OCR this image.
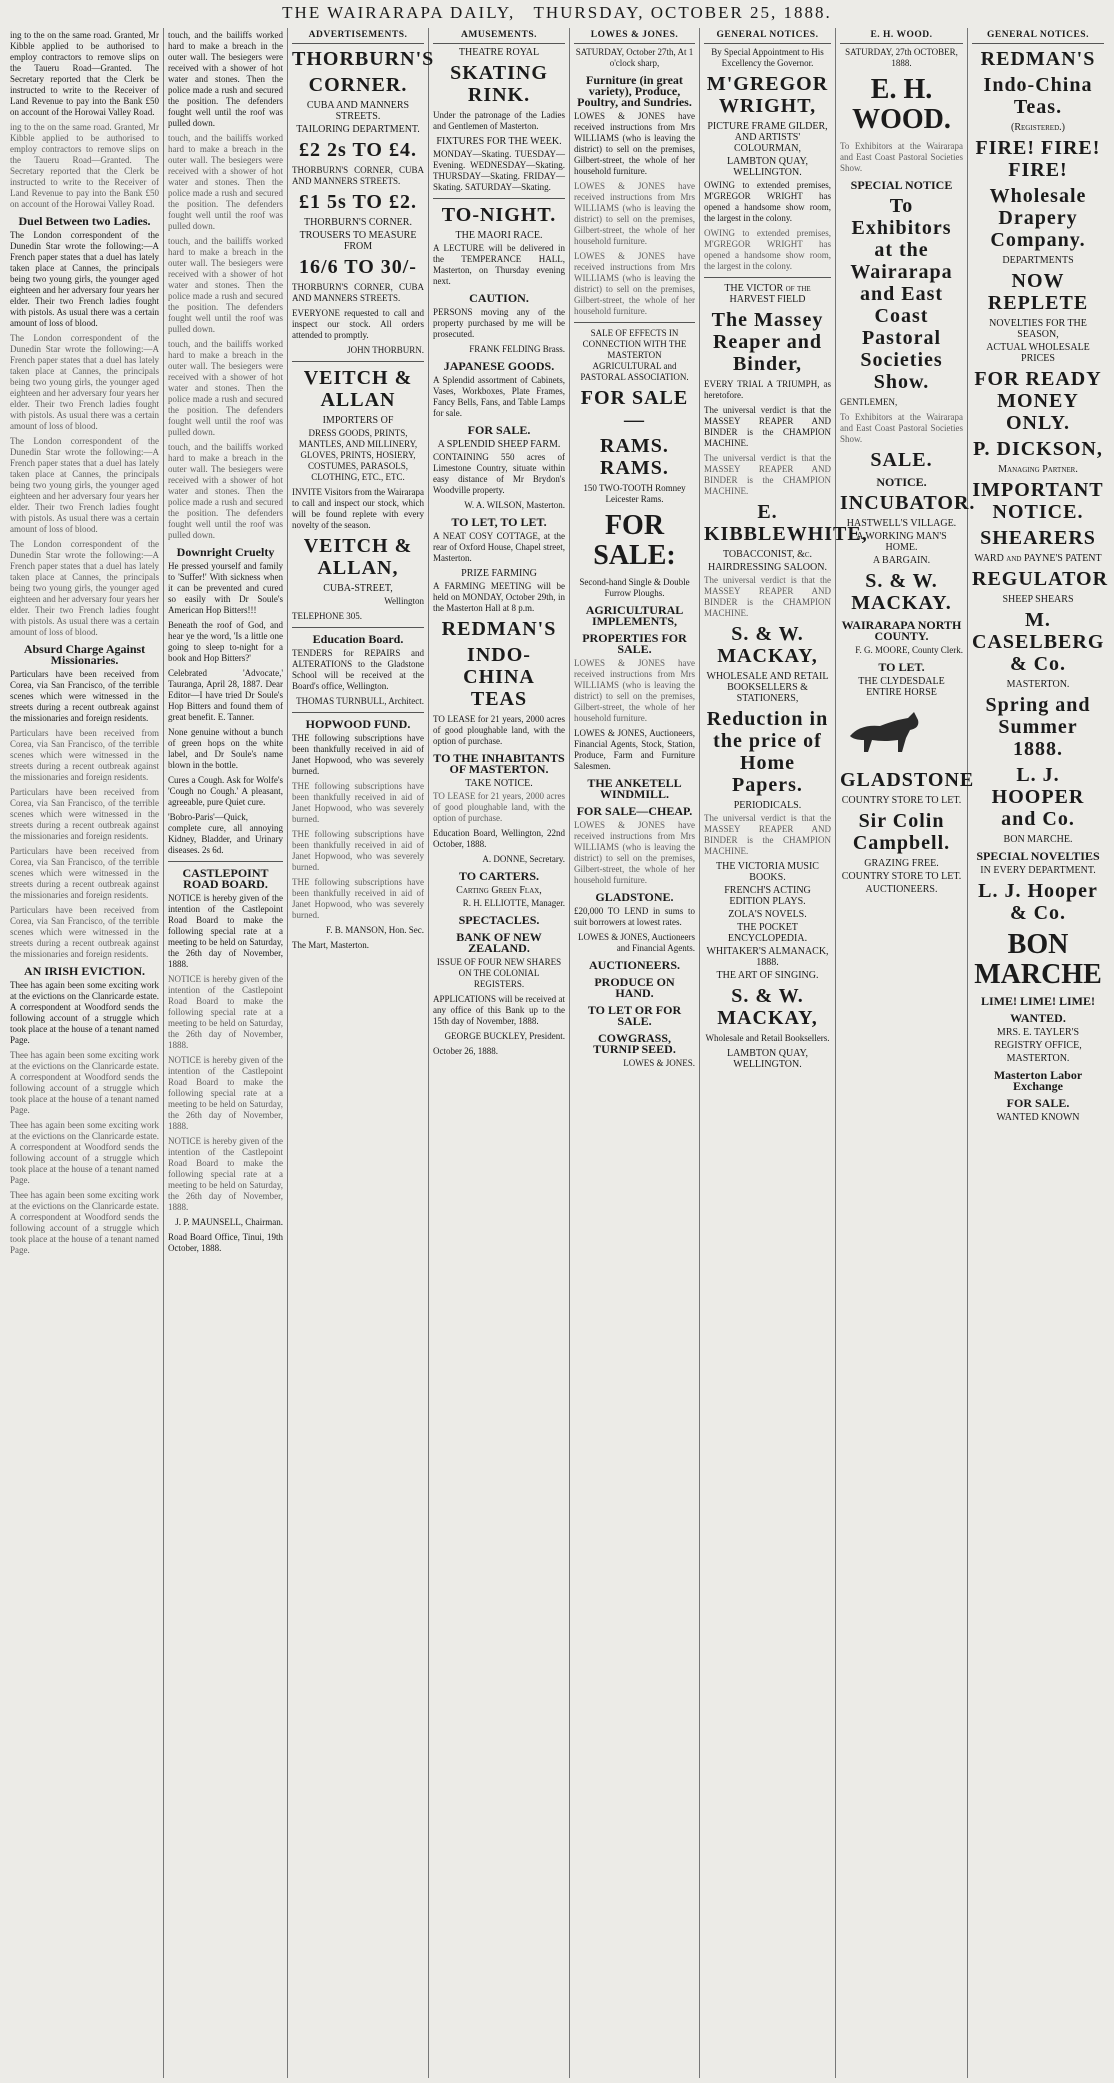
THE WAIRARAPA DAILY, THURSDAY, OCTOBER 25, 1888.

ing to the on the same road. Granted, Mr Kibble applied to be authorised to employ contractors to remove slips on the Taueru Road—Granted. The Secretary reported that the Clerk be instructed to write to the Receiver of Land Revenue to pay into the Bank £50 on account of the Horowai Valley Road.

ing to the on the same road. Granted, Mr Kibble applied to be authorised to employ contractors to remove slips on the Taueru Road—Granted. The Secretary reported that the Clerk be instructed to write to the Receiver of Land Revenue to pay into the Bank £50 on account of the Horowai Valley Road.

Duel Between two Ladies.

The London correspondent of the Dunedin Star wrote the following:—A French paper states that a duel has lately taken place at Cannes, the principals being two young girls, the younger aged eighteen and her adversary four years her elder. Their two French ladies fought with pistols. As usual there was a certain amount of loss of blood.

The London correspondent of the Dunedin Star wrote the following:—A French paper states that a duel has lately taken place at Cannes, the principals being two young girls, the younger aged eighteen and her adversary four years her elder. Their two French ladies fought with pistols. As usual there was a certain amount of loss of blood.

The London correspondent of the Dunedin Star wrote the following:—A French paper states that a duel has lately taken place at Cannes, the principals being two young girls, the younger aged eighteen and her adversary four years her elder. Their two French ladies fought with pistols. As usual there was a certain amount of loss of blood.

The London correspondent of the Dunedin Star wrote the following:—A French paper states that a duel has lately taken place at Cannes, the principals being two young girls, the younger aged eighteen and her adversary four years her elder. Their two French ladies fought with pistols. As usual there was a certain amount of loss of blood.

Absurd Charge Against Missionaries.

Particulars have been received from Corea, via San Francisco, of the terrible scenes which were witnessed in the streets during a recent outbreak against the missionaries and foreign residents.

Particulars have been received from Corea, via San Francisco, of the terrible scenes which were witnessed in the streets during a recent outbreak against the missionaries and foreign residents.

Particulars have been received from Corea, via San Francisco, of the terrible scenes which were witnessed in the streets during a recent outbreak against the missionaries and foreign residents.

Particulars have been received from Corea, via San Francisco, of the terrible scenes which were witnessed in the streets during a recent outbreak against the missionaries and foreign residents.

Particulars have been received from Corea, via San Francisco, of the terrible scenes which were witnessed in the streets during a recent outbreak against the missionaries and foreign residents.

AN IRISH EVICTION.

Thee has again been some exciting work at the evictions on the Clanricarde estate. A correspondent at Woodford sends the following account of a struggle which took place at the house of a tenant named Page.

Thee has again been some exciting work at the evictions on the Clanricarde estate. A correspondent at Woodford sends the following account of a struggle which took place at the house of a tenant named Page.

Thee has again been some exciting work at the evictions on the Clanricarde estate. A correspondent at Woodford sends the following account of a struggle which took place at the house of a tenant named Page.

Thee has again been some exciting work at the evictions on the Clanricarde estate. A correspondent at Woodford sends the following account of a struggle which took place at the house of a tenant named Page.

touch, and the bailiffs worked hard to make a breach in the outer wall. The besiegers were received with a shower of hot water and stones. Then the police made a rush and secured the position. The defenders fought well until the roof was pulled down.

touch, and the bailiffs worked hard to make a breach in the outer wall. The besiegers were received with a shower of hot water and stones. Then the police made a rush and secured the position. The defenders fought well until the roof was pulled down.

touch, and the bailiffs worked hard to make a breach in the outer wall. The besiegers were received with a shower of hot water and stones. Then the police made a rush and secured the position. The defenders fought well until the roof was pulled down.

touch, and the bailiffs worked hard to make a breach in the outer wall. The besiegers were received with a shower of hot water and stones. Then the police made a rush and secured the position. The defenders fought well until the roof was pulled down.

touch, and the bailiffs worked hard to make a breach in the outer wall. The besiegers were received with a shower of hot water and stones. Then the police made a rush and secured the position. The defenders fought well until the roof was pulled down.

Downright Cruelty

He pressed yourself and family to 'Suffer!' With sickness when it can be prevented and cured so easily with Dr Soule's American Hop Bitters!!!

Beneath the roof of God, and hear ye the word, 'Is a little one going to sleep to-night for a book and Hop Bitters?'

Celebrated 'Advocate,' Tauranga, April 28, 1887. Dear Editor—I have tried Dr Soule's Hop Bitters and found them of great benefit. E. Tanner.

None genuine without a bunch of green hops on the white label, and Dr Soule's name blown in the bottle.

Cures a Cough. Ask for Wolfe's 'Cough no Cough.' A pleasant, agreeable, pure Quiet cure.

'Bobro-Paris'—Quick, complete cure, all annoying Kidney, Bladder, and Urinary diseases. 2s 6d.

CASTLEPOINT ROAD BOARD.

NOTICE is hereby given of the intention of the Castlepoint Road Board to make the following special rate at a meeting to be held on Saturday, the 26th day of November, 1888.

NOTICE is hereby given of the intention of the Castlepoint Road Board to make the following special rate at a meeting to be held on Saturday, the 26th day of November, 1888.

NOTICE is hereby given of the intention of the Castlepoint Road Board to make the following special rate at a meeting to be held on Saturday, the 26th day of November, 1888.

NOTICE is hereby given of the intention of the Castlepoint Road Board to make the following special rate at a meeting to be held on Saturday, the 26th day of November, 1888.

J. P. MAUNSELL, Chairman.

Road Board Office, Tinui, 19th October, 1888.

ADVERTISEMENTS.
THORBURN'S
CORNER.
CUBA AND MANNERS STREETS.
TAILORING DEPARTMENT.
£2 2s TO £4.

THORBURN'S CORNER, CUBA AND MANNERS STREETS.

£1 5s TO £2.
THORBURN'S CORNER.
TROUSERS TO MEASURE FROM
16/6 TO 30/-

THORBURN'S CORNER, CUBA AND MANNERS STREETS.

EVERYONE requested to call and inspect our stock. All orders attended to promptly.

JOHN THORBURN.

VEITCH & ALLAN
IMPORTERS OF

DRESS GOODS, PRINTS, MANTLES, AND MILLINERY, GLOVES, PRINTS, HOSIERY, COSTUMES, PARASOLS, CLOTHING, ETC., ETC.

INVITE Visitors from the Wairarapa to call and inspect our stock, which will be found replete with every novelty of the season.

VEITCH & ALLAN,
CUBA-STREET,

Wellington

TELEPHONE 305.

Education Board.

TENDERS for REPAIRS and ALTERATIONS to the Gladstone School will be received at the Board's office, Wellington.

THOMAS TURNBULL, Architect.

HOPWOOD FUND.

THE following subscriptions have been thankfully received in aid of Janet Hopwood, who was severely burned.

THE following subscriptions have been thankfully received in aid of Janet Hopwood, who was severely burned.

THE following subscriptions have been thankfully received in aid of Janet Hopwood, who was severely burned.

THE following subscriptions have been thankfully received in aid of Janet Hopwood, who was severely burned.

F. B. MANSON, Hon. Sec.

The Mart, Masterton.

AMUSEMENTS.
THEATRE ROYAL
SKATING RINK.

Under the patronage of the Ladies and Gentlemen of Masterton.

FIXTURES FOR THE WEEK.

MONDAY—Skating. TUESDAY—Evening. WEDNESDAY—Skating. THURSDAY—Skating. FRIDAY—Skating. SATURDAY—Skating.

TO-NIGHT.
THE MAORI RACE.

A LECTURE will be delivered in the TEMPERANCE HALL, Masterton, on Thursday evening next.

CAUTION.

PERSONS moving any of the property purchased by me will be prosecuted.

FRANK FELDING Brass.

JAPANESE GOODS.

A Splendid assortment of Cabinets, Vases, Workboxes, Plate Frames, Fancy Bells, Fans, and Table Lamps for sale.

FOR SALE.
A SPLENDID SHEEP FARM.

CONTAINING 550 acres of Limestone Country, situate within easy distance of Mr Brydon's Woodville property.

W. A. WILSON, Masterton.

TO LET, TO LET.

A NEAT COSY COTTAGE, at the rear of Oxford House, Chapel street, Masterton.

PRIZE FARMING

A FARMING MEETING will be held on MONDAY, October 29th, in the Masterton Hall at 8 p.m.

REDMAN'S
INDO-CHINA TEAS

TO LEASE for 21 years, 2000 acres of good ploughable land, with the option of purchase.

TO THE INHABITANTS OF MASTERTON.
TAKE NOTICE.

TO LEASE for 21 years, 2000 acres of good ploughable land, with the option of purchase.

Education Board, Wellington, 22nd October, 1888.

A. DONNE, Secretary.

TO CARTERS.
Carting Green Flax,

R. H. ELLIOTTE, Manager.

SPECTACLES.
BANK OF NEW ZEALAND.

ISSUE OF FOUR NEW SHARES ON THE COLONIAL REGISTERS.

APPLICATIONS will be received at any office of this Bank up to the 15th day of November, 1888.

GEORGE BUCKLEY, President.

October 26, 1888.

LOWES & JONES.

SATURDAY, October 27th, At 1 o'clock sharp,

Furniture (in great variety), Produce, Poultry, and Sundries.

LOWES & JONES have received instructions from Mrs WILLIAMS (who is leaving the district) to sell on the premises, Gilbert-street, the whole of her household furniture.

LOWES & JONES have received instructions from Mrs WILLIAMS (who is leaving the district) to sell on the premises, Gilbert-street, the whole of her household furniture.

LOWES & JONES have received instructions from Mrs WILLIAMS (who is leaving the district) to sell on the premises, Gilbert-street, the whole of her household furniture.

SALE OF EFFECTS IN CONNECTION WITH THE MASTERTON AGRICULTURAL and PASTORAL ASSOCIATION.

FOR SALE—
RAMS. RAMS.

150 TWO-TOOTH Romney Leicester Rams.

FOR SALE:

Second-hand Single & Double Furrow Ploughs.

AGRICULTURAL IMPLEMENTS,
PROPERTIES FOR SALE.

LOWES & JONES have received instructions from Mrs WILLIAMS (who is leaving the district) to sell on the premises, Gilbert-street, the whole of her household furniture.

LOWES & JONES, Auctioneers, Financial Agents, Stock, Station, Produce, Farm and Furniture Salesmen.

THE ANKETELL WINDMILL.
FOR SALE—CHEAP.

LOWES & JONES have received instructions from Mrs WILLIAMS (who is leaving the district) to sell on the premises, Gilbert-street, the whole of her household furniture.

GLADSTONE.

£20,000 TO LEND in sums to suit borrowers at lowest rates.

LOWES & JONES, Auctioneers and Financial Agents.

AUCTIONEERS.
PRODUCE ON HAND.
TO LET OR FOR SALE.
COWGRASS, TURNIP SEED.

LOWES & JONES.

GENERAL NOTICES.

By Special Appointment to His Excellency the Governor.

M'GREGOR WRIGHT,
PICTURE FRAME GILDER, AND ARTISTS' COLOURMAN,
LAMBTON QUAY, WELLINGTON.

OWING to extended premises, M'GREGOR WRIGHT has opened a handsome show room, the largest in the colony.

OWING to extended premises, M'GREGOR WRIGHT has opened a handsome show room, the largest in the colony.

THE VICTOR of the HARVEST FIELD
The Massey Reaper and Binder,

EVERY TRIAL A TRIUMPH, as heretofore.

The universal verdict is that the MASSEY REAPER AND BINDER is the CHAMPION MACHINE.

The universal verdict is that the MASSEY REAPER AND BINDER is the CHAMPION MACHINE.

E. KIBBLEWHITE,
TOBACCONIST, &c.
HAIRDRESSING SALOON.

The universal verdict is that the MASSEY REAPER AND BINDER is the CHAMPION MACHINE.

S. & W. MACKAY,
WHOLESALE AND RETAIL BOOKSELLERS & STATIONERS,
Reduction in the price of Home Papers.
PERIODICALS.

The universal verdict is that the MASSEY REAPER AND BINDER is the CHAMPION MACHINE.

THE VICTORIA MUSIC BOOKS.
FRENCH'S ACTING EDITION PLAYS.
ZOLA'S NOVELS.
THE POCKET ENCYCLOPEDIA.
WHITAKER'S ALMANACK, 1888.
THE ART OF SINGING.
S. & W. MACKAY,

Wholesale and Retail Booksellers.

LAMBTON QUAY, WELLINGTON.
E. H. WOOD.

SATURDAY, 27th OCTOBER, 1888.

E. H. WOOD.

To Exhibitors at the Wairarapa and East Coast Pastoral Societies Show.

SPECIAL NOTICE
To Exhibitors at the Wairarapa and East Coast Pastoral Societies Show.

GENTLEMEN,

To Exhibitors at the Wairarapa and East Coast Pastoral Societies Show.

SALE.
NOTICE.
INCUBATOR.
HASTWELL'S VILLAGE.
A WORKING MAN'S HOME.
A BARGAIN.
S. & W. MACKAY.
WAIRARAPA NORTH COUNTY.

F. G. MOORE, County Clerk.

TO LET.
THE CLYDESDALE ENTIRE HORSE
GLADSTONE
COUNTRY STORE TO LET.
Sir Colin Campbell.
GRAZING FREE.
COUNTRY STORE TO LET.
AUCTIONEERS.
GENERAL NOTICES.
REDMAN'S
Indo-China Teas.
(Registered.)
FIRE! FIRE! FIRE!
Wholesale Drapery Company.
DEPARTMENTS
NOW REPLETE
NOVELTIES FOR THE SEASON,
ACTUAL WHOLESALE PRICES
FOR READY MONEY ONLY.
P. DICKSON,
Managing Partner.
IMPORTANT NOTICE.
SHEARERS
WARD and PAYNE'S PATENT
REGULATOR
SHEEP SHEARS
M. CASELBERG & Co.
MASTERTON.
Spring and Summer 1888.
L. J. HOOPER and Co.
BON MARCHE.
SPECIAL NOVELTIES
IN EVERY DEPARTMENT.
L. J. Hooper & Co.
BON MARCHE
LIME! LIME! LIME!
WANTED.
MRS. E. TAYLER'S
REGISTRY OFFICE,
MASTERTON.
Masterton Labor Exchange
FOR SALE.
WANTED KNOWN
